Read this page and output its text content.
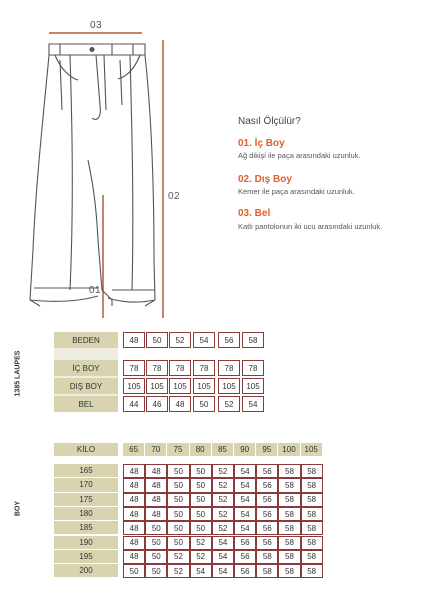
03
02
01
Nasıl Ölçülür?
01. İç Boy
Ağ dikişi ile paça arasındaki uzunluk.
02. Dış Boy
Kemer ile paça arasındaki uzunluk.
03. Bel
Katlı pantolonun iki ucu arasındaki uzunluk.
1385 LAUPES
BEDEN	48	50	52	54	56	58
İÇ BOY	78	78	78	78	78	78
DIŞ BOY	105	105	105	105	105	105
BEL	44	46	48	50	52	54
BOY
KİLO	65	70	75	80	85	90	95	100	105
165	48	48	50	50	52	54	56	58	58
170	48	48	50	50	52	54	56	58	58
175	48	48	50	50	52	54	56	58	58
180	48	48	50	50	52	54	56	58	58
185	48	50	50	50	52	54	56	58	58
190	48	50	50	52	54	56	56	58	58
195	48	50	52	52	54	56	58	58	58
200	50	50	52	54	54	56	58	58	58
